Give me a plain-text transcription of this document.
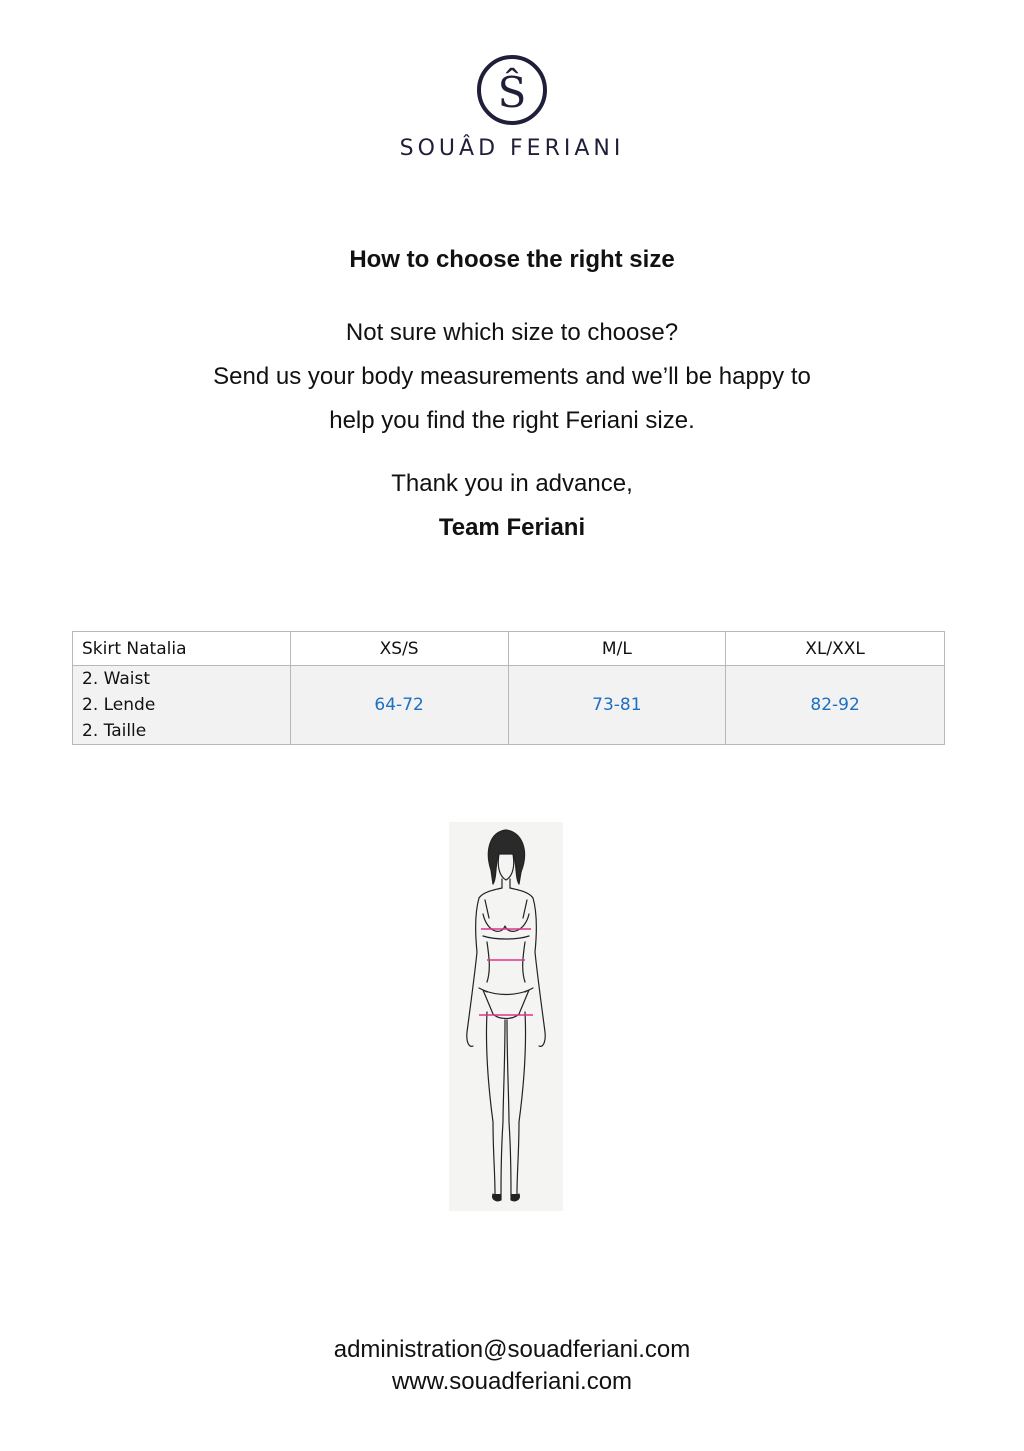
Ŝ
SOUÂD FERIANI
How to choose the right size
Not sure which size to choose?
Send us your body measurements and we’ll be happy to
help you find the right Feriani size.
Thank you in advance,
Team Feriani
Skirt Natalia	XS/S	M/L	XL/XXL

2. Waist
2. Lende
2. Taille	64-72	73-81	82-92
administration@souadferiani.com
www.souadferiani.com
